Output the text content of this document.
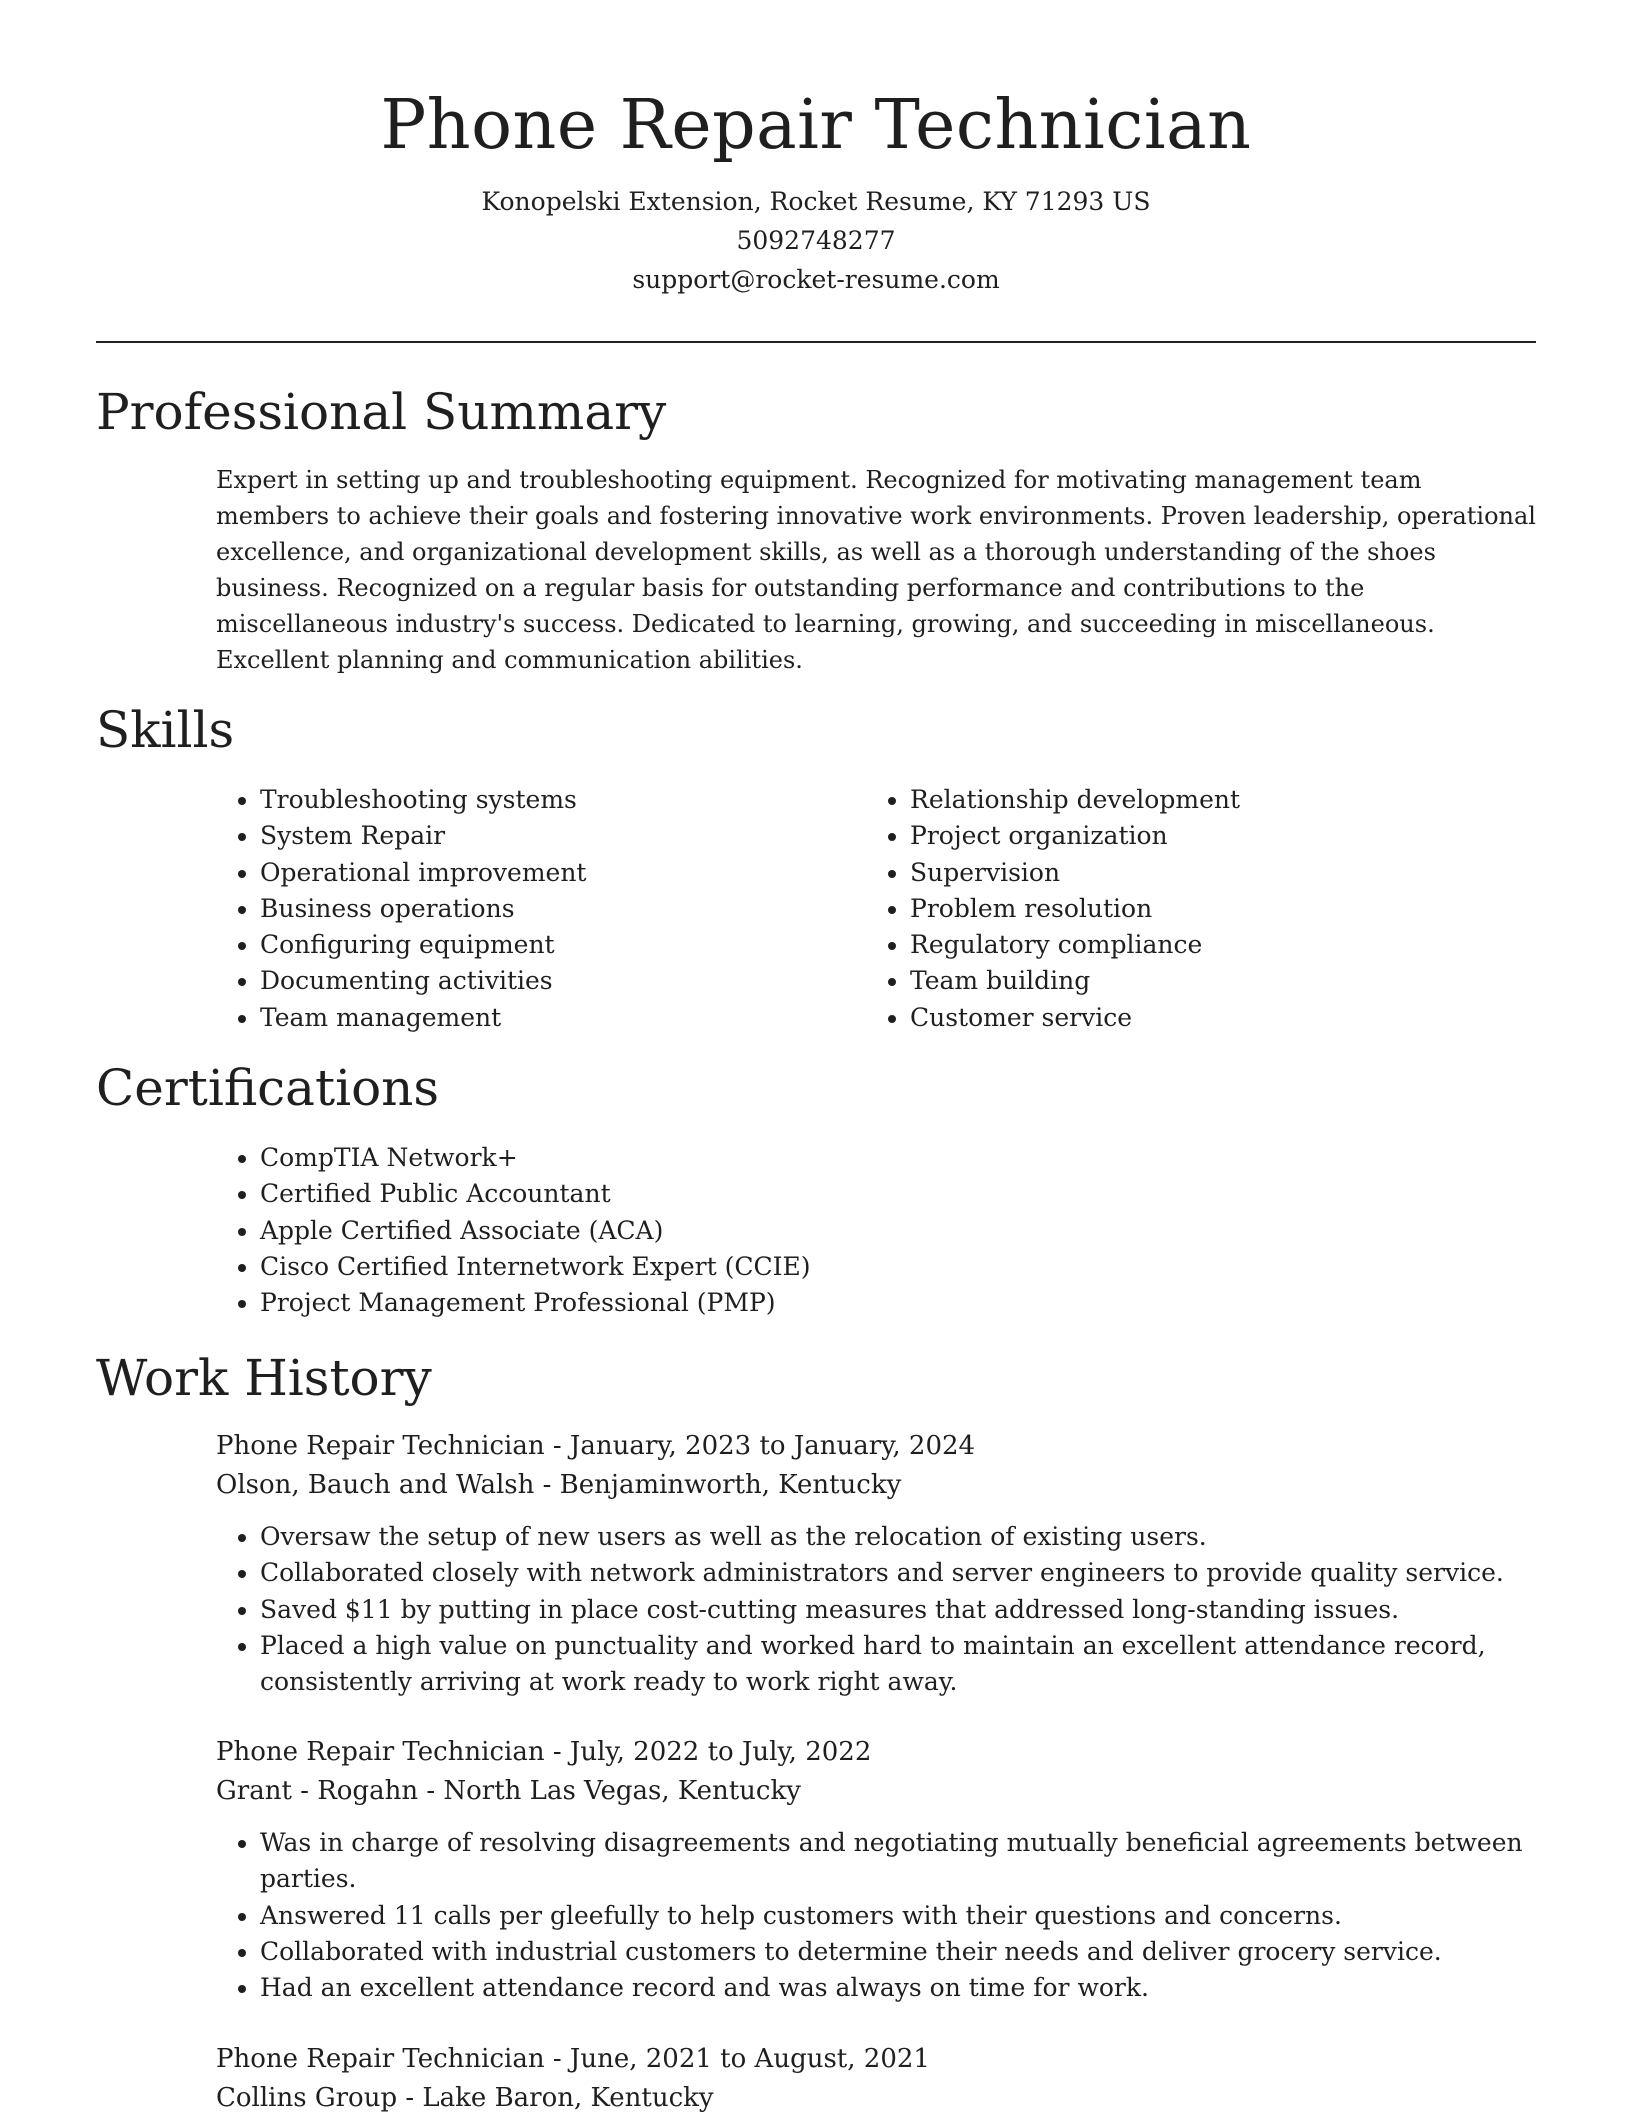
Phone Repair Technician
Konopelski Extension, Rocket Resume, KY 71293 US
5092748277
support@rocket-resume.com
Professional Summary

Expert in setting up and troubleshooting equipment. Recognized for motivating management team members to achieve their goals and fostering innovative work environments. Proven leadership, operational excellence, and organizational development skills, as well as a thorough understanding of the shoes business. Recognized on a regular basis for outstanding performance and contributions to the miscellaneous industry's success. Dedicated to learning, growing, and succeeding in miscellaneous. Excellent planning and communication abilities.

Skills
• Troubleshooting systems
• System Repair
• Operational improvement
• Business operations
• Configuring equipment
• Documenting activities
• Team management
• Relationship development
• Project organization
• Supervision
• Problem resolution
• Regulatory compliance
• Team building
• Customer service
Certifications
• CompTIA Network+
• Certified Public Accountant
• Apple Certified Associate (ACA)
• Cisco Certified Internetwork Expert (CCIE)
• Project Management Professional (PMP)
Work History

Phone Repair Technician - January, 2023 to January, 2024

Olson, Bauch and Walsh - Benjaminworth, Kentucky

• Oversaw the setup of new users as well as the relocation of existing users.
• Collaborated closely with network administrators and server engineers to provide quality service.
• Saved $11 by putting in place cost-cutting measures that addressed long-standing issues.
• Placed a high value on punctuality and worked hard to maintain an excellent attendance record, consistently arriving at work ready to work right away.

Phone Repair Technician - July, 2022 to July, 2022

Grant - Rogahn - North Las Vegas, Kentucky

• Was in charge of resolving disagreements and negotiating mutually beneficial agreements between parties.
• Answered 11 calls per gleefully to help customers with their questions and concerns.
• Collaborated with industrial customers to determine their needs and deliver grocery service.
• Had an excellent attendance record and was always on time for work.

Phone Repair Technician - June, 2021 to August, 2021

Collins Group - Lake Baron, Kentucky
